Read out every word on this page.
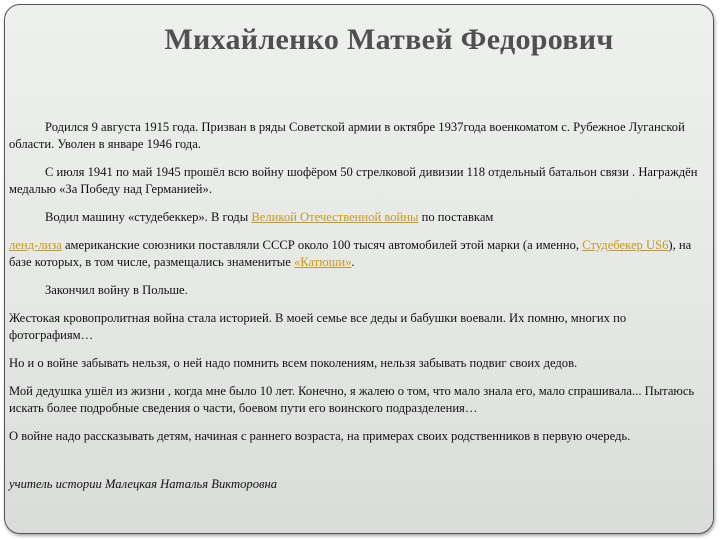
Михайленко Матвей Федорович

Родился 9 августа 1915 года. Призван в ряды Советской армии в октябре 1937года военкоматом с. Рубежное Луганской области. Уволен в январе 1946 года.

С июля 1941 по май 1945 прошёл всю войну шофёром 50 стрелковой дивизии 118 отдельный батальон связи . Награждён медалью «За Победу над Германией».

Водил машину «студебеккер». В годы Великой Отечественной войны по поставкам

ленд-лиза американские союзники поставляли СССР около 100 тысяч автомобилей этой марки (а именно, Студебекер US6), на базе которых, в том числе, размещались знаменитые «Катюши».

Закончил войну в Польше.

Жестокая кровопролитная война стала историей. В моей семье все деды и бабушки воевали. Их помню, многих по фотографиям…

Но и о войне забывать нельзя, о ней надо помнить всем поколениям, нельзя забывать подвиг своих дедов.

Мой дедушка ушёл из жизни , когда мне было 10 лет. Конечно, я жалею о том, что мало знала его, мало спрашивала... Пытаюсь искать более подробные сведения о части, боевом пути его воинского подразделения…

О войне надо рассказывать детям, начиная с раннего возраста, на примерах своих родственников в первую очередь.

учитель истории Малецкая Наталья Викторовна
